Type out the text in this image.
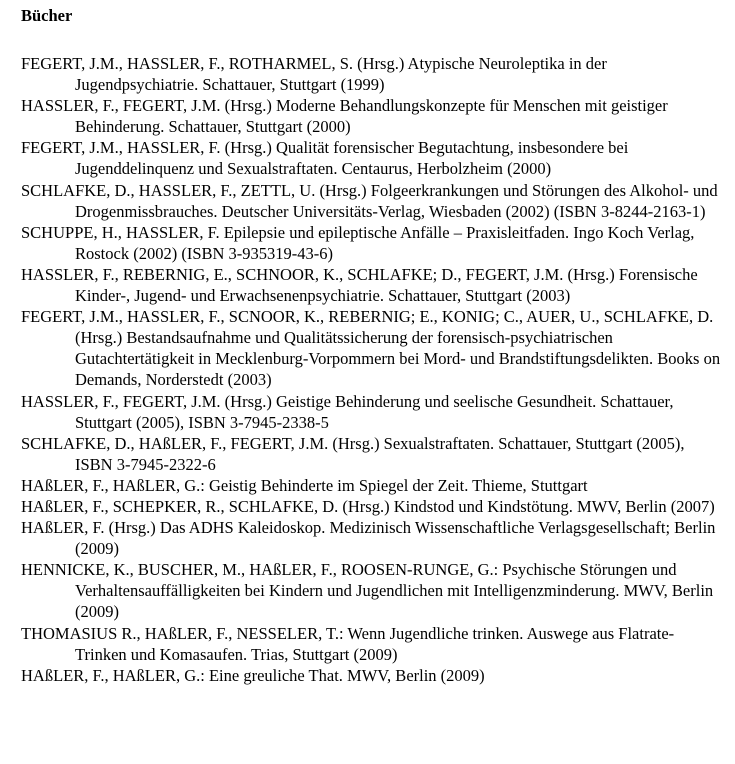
Bücher
FEGERT, J.M., HASSLER, F., ROTHARMEL, S. (Hrsg.) Atypische Neuroleptika in der Jugendpsychiatrie. Schattauer, Stuttgart (1999)
HASSLER, F., FEGERT, J.M. (Hrsg.) Moderne Behandlungskonzepte für Menschen mit geistiger Behinderung. Schattauer, Stuttgart (2000)
FEGERT, J.M., HASSLER, F. (Hrsg.) Qualität forensischer Begutachtung, insbesondere bei Jugenddelinquenz und Sexualstraftaten. Centaurus, Herbolzheim (2000)
SCHLAFKE, D., HASSLER, F., ZETTL, U. (Hrsg.) Folgeerkrankungen und Störungen des Alkohol- und Drogenmissbrauches. Deutscher Universitäts-Verlag, Wiesbaden (2002) (ISBN 3-8244-2163-1)
SCHUPPE, H., HASSLER, F. Epilepsie und epileptische Anfälle – Praxisleitfaden. Ingo Koch Verlag, Rostock (2002) (ISBN 3-935319-43-6)
HASSLER, F., REBERNIG, E., SCHNOOR, K., SCHLAFKE; D., FEGERT, J.M. (Hrsg.) Forensische Kinder-, Jugend- und Erwachsenenpsychiatrie. Schattauer, Stuttgart (2003)
FEGERT, J.M., HASSLER, F., SCNOOR, K., REBERNIG; E., KONIG; C., AUER, U., SCHLAFKE, D. (Hrsg.) Bestandsaufnahme und Qualitätssicherung der forensisch-psychiatrischen Gutachtertätigkeit in Mecklenburg-Vorpommern bei Mord- und Brandstiftungsdelikten. Books on Demands, Norderstedt (2003)
HASSLER, F., FEGERT, J.M. (Hrsg.) Geistige Behinderung und seelische Gesundheit. Schattauer, Stuttgart (2005), ISBN 3-7945-2338-5
SCHLAFKE, D., HAßLER, F., FEGERT, J.M. (Hrsg.) Sexualstraftaten. Schattauer, Stuttgart (2005), ISBN 3-7945-2322-6
HAßLER, F., HAßLER, G.: Geistig Behinderte im Spiegel der Zeit. Thieme, Stuttgart
HAßLER, F., SCHEPKER, R., SCHLAFKE, D. (Hrsg.) Kindstod und Kindstötung. MWV, Berlin (2007)
HAßLER, F. (Hrsg.) Das ADHS Kaleidoskop. Medizinisch Wissenschaftliche Verlagsgesellschaft; Berlin (2009)
HENNICKE, K., BUSCHER, M., HAßLER, F., ROOSEN-RUNGE, G.: Psychische Störungen und Verhaltensauffälligkeiten bei Kindern und Jugendlichen mit Intelligenzminderung. MWV, Berlin (2009)
THOMASIUS R., HAßLER, F., NESSELER, T.: Wenn Jugendliche trinken. Auswege aus Flatrate-Trinken und Komasaufen. Trias, Stuttgart (2009)
HAßLER, F., HAßLER, G.: Eine greuliche That. MWV, Berlin (2009)
